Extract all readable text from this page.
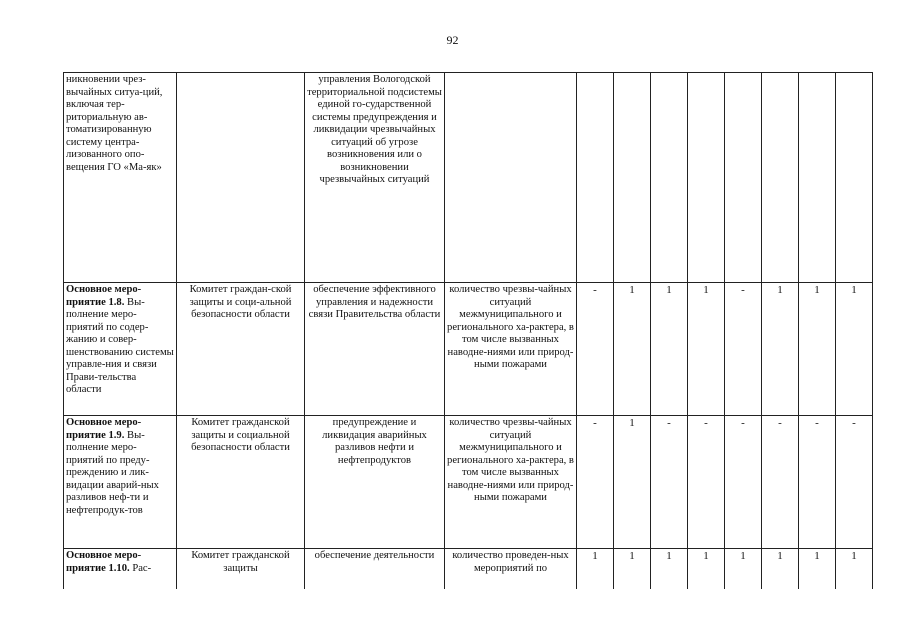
92
никновении чрез-вычайных ситуа-ций, включая тер-риториальную ав-томатизированную систему центра-лизованного опо-вещения ГО «Ма-як»		управления Вологодской территориальной подсистемы единой го-сударственной системы предупреждения и ликвидации чрезвычайных ситуаций об угрозе возникновения или о возникновении чрезвычайных ситуаций									
Основное меро-приятие 1.8. Вы-полнение меро-приятий по содер-жанию и совер-шенствованию системы управле-ния и связи Прави-тельства области	Комитет граждан-ской защиты и соци-альной безопасности области	обеспечение эффективного управления и надежности связи Правительства области	количество чрезвы-чайных ситуаций межмуниципального и регионального ха-рактера, в том числе вызванных наводне-ниями или природ-ными пожарами	-	1	1	1	-	1	1	1
Основное меро-приятие 1.9. Вы-полнение меро-приятий по преду-преждению и лик-видации аварий-ных разливов неф-ти и нефтепродук-тов	Комитет гражданской защиты и социальной безопасности области	предупреждение и ликвидация аварийных разливов нефти и нефтепродуктов	количество чрезвы-чайных ситуаций межмуниципального и регионального ха-рактера, в том числе вызванных наводне-ниями или природ-ными пожарами	-	1	-	-	-	-	-	-
Основное меро-приятие 1.10. Рас-	Комитет гражданской защиты	обеспечение деятельности	количество проведен-ных мероприятий по	1	1	1	1	1	1	1	1
